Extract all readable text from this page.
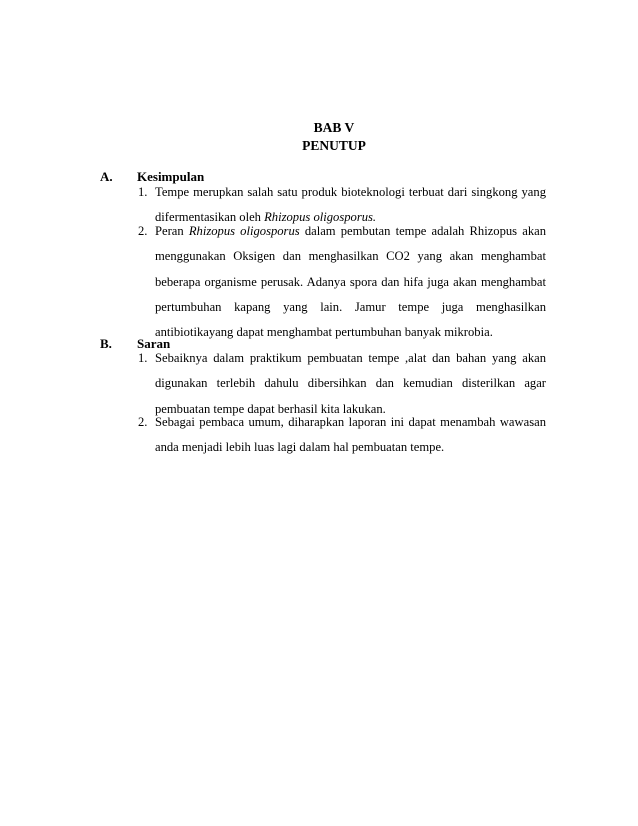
BAB V
PENUTUP
A. Kesimpulan
1. Tempe merupkan salah satu produk bioteknologi terbuat dari singkong yang
difermentasikan oleh Rhizopus oligosporus.
2. Peran Rhizopus oligosporus dalam pembutan tempe adalah Rhizopus akan
menggunakan Oksigen dan menghasilkan CO2 yang akan menghambat
beberapa organisme perusak. Adanya spora dan hifa juga akan menghambat
pertumbuhan kapang yang lain. Jamur tempe juga menghasilkan
antibiotikayang dapat menghambat pertumbuhan banyak mikrobia.
B. Saran
1. Sebaiknya dalam praktikum pembuatan tempe ,alat dan bahan yang akan
digunakan terlebih dahulu dibersihkan dan kemudian disterilkan agar
pembuatan tempe dapat berhasil kita lakukan.
2. Sebagai pembaca umum, diharapkan laporan ini dapat menambah wawasan
anda menjadi lebih luas lagi dalam hal pembuatan tempe.
